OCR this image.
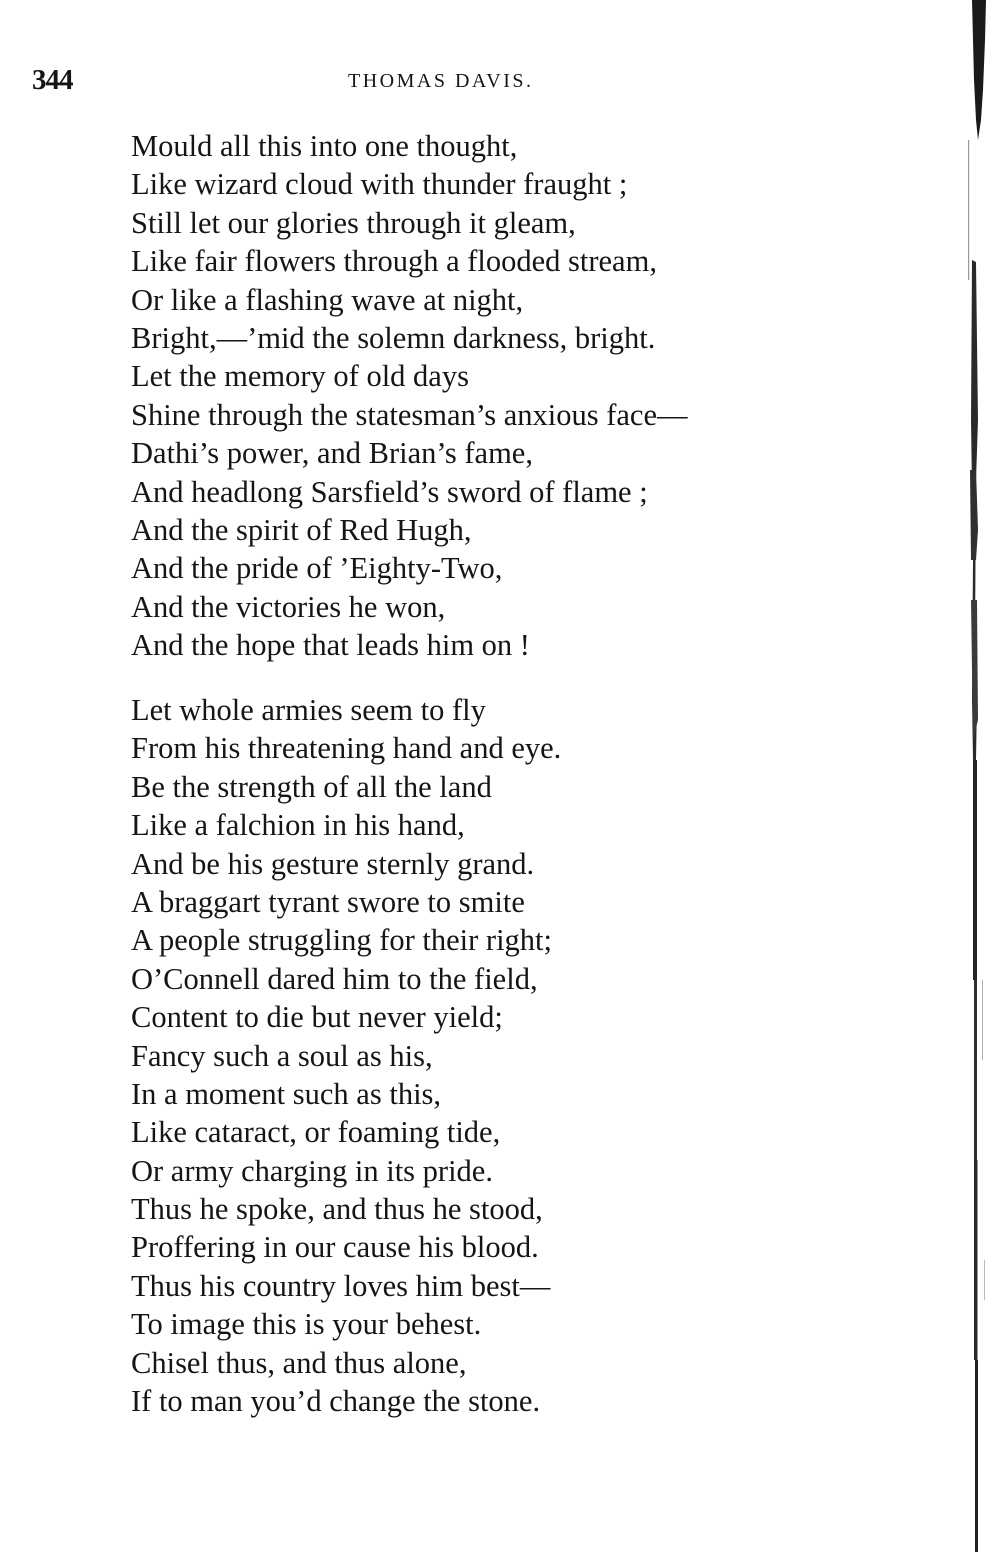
344	THOMAS DAVIS.
Mould all this into one thought,
Like wizard cloud with thunder fraught ;
Still let our glories through it gleam,
Like fair flowers through a flooded stream,
Or like a flashing wave at night,
Bright,—’mid the solemn darkness, bright.
Let the memory of old days
Shine through the statesman’s anxious face—
Dathi’s power, and Brian’s fame,
And headlong Sarsfield’s sword of flame ;
And the spirit of Red Hugh,
And the pride of ’Eighty-Two,
And the victories he won,
And the hope that leads him on !
Let whole armies seem to fly
From his threatening hand and eye.
Be the strength of all the land
Like a falchion in his hand,
And be his gesture sternly grand.
A braggart tyrant swore to smite
A people struggling for their right;
O’Connell dared him to the field,
Content to die but never yield;
Fancy such a soul as his,
In a moment such as this,
Like cataract, or foaming tide,
Or army charging in its pride.
Thus he spoke, and thus he stood,
Proffering in our cause his blood.
Thus his country loves him best—
To image this is your behest.
Chisel thus, and thus alone,
If to man you’d change the stone.
